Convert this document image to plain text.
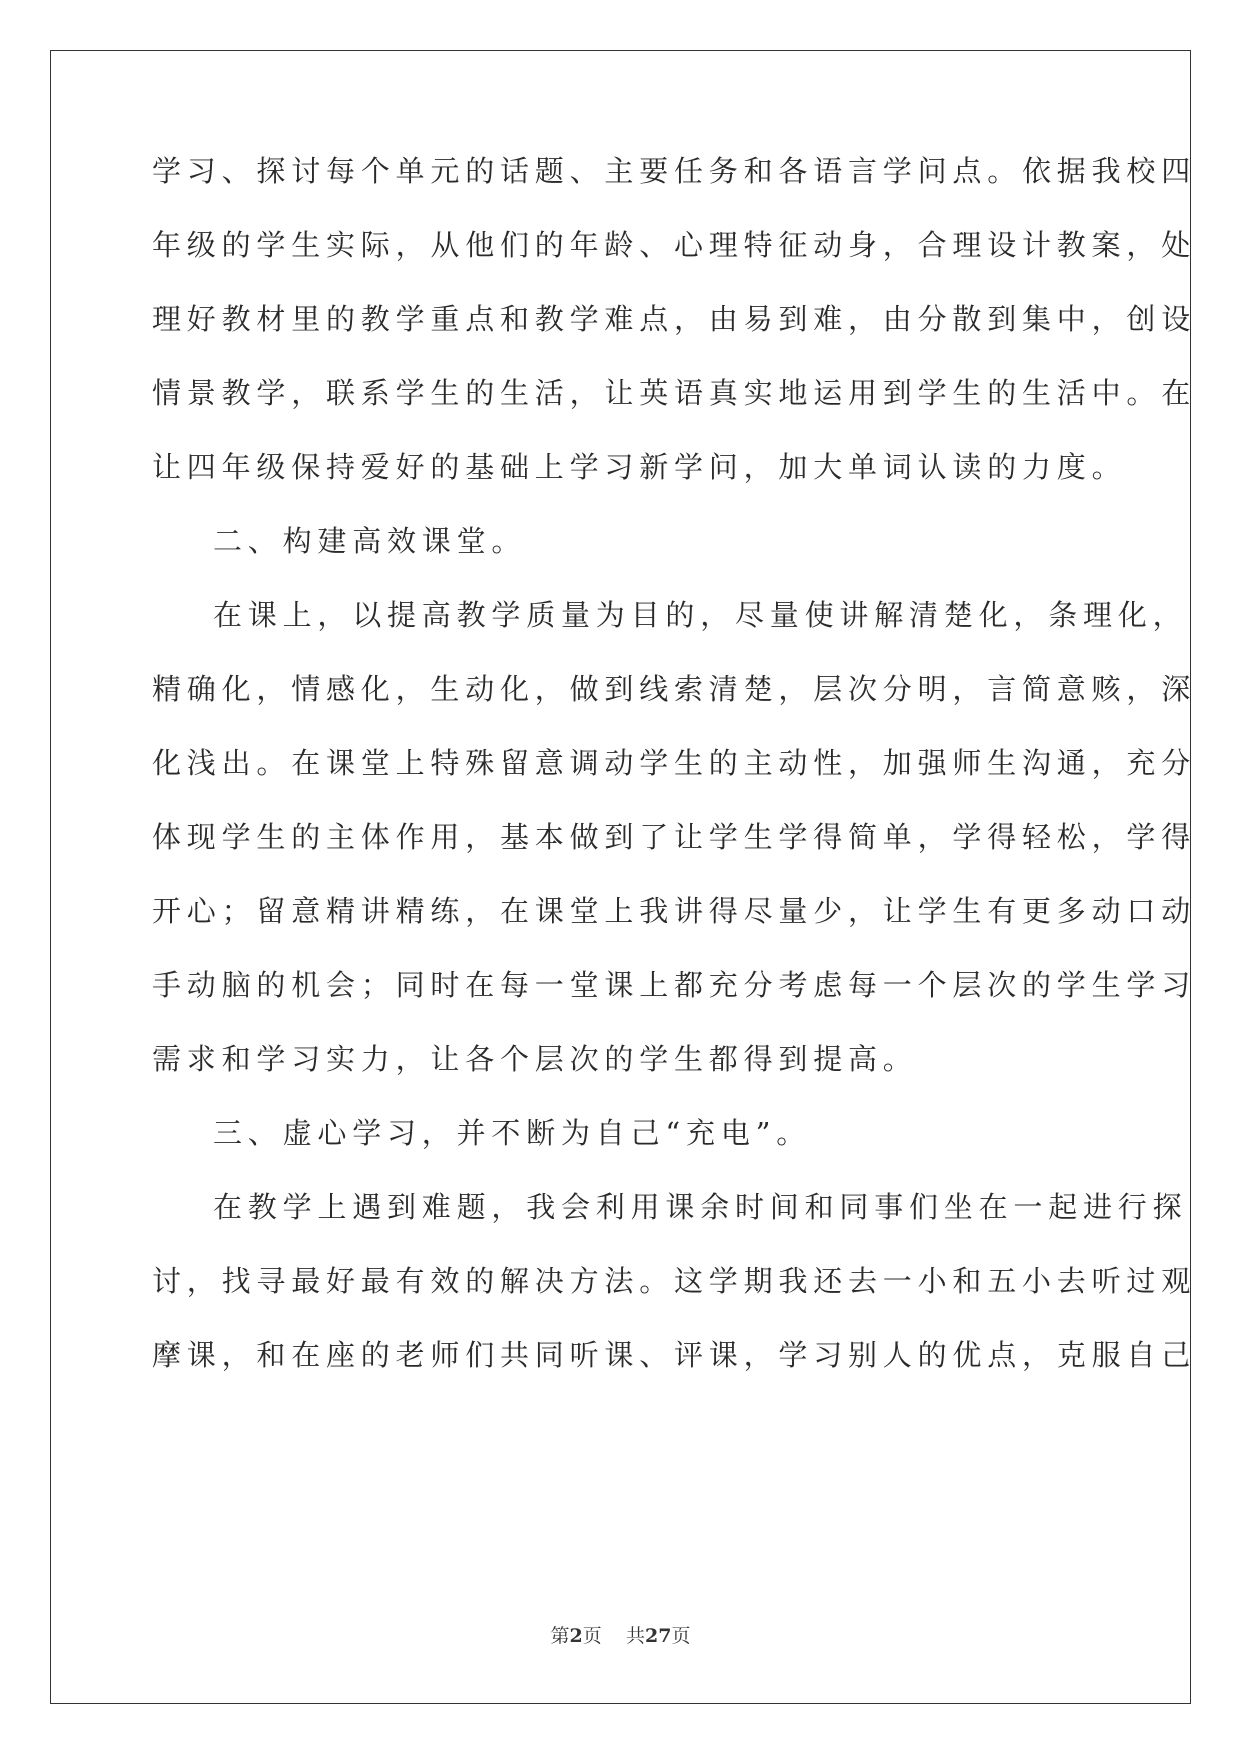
学习、探讨每个单元的话题、主要任务和各语言学问点。依据我校四
年级的学生实际，从他们的年龄、心理特征动身，合理设计教案，处
理好教材里的教学重点和教学难点，由易到难，由分散到集中，创设
情景教学，联系学生的生活，让英语真实地运用到学生的生活中。在
让四年级保持爱好的基础上学习新学问，加大单词认读的力度。
二、构建高效课堂。
在课上，以提高教学质量为目的，尽量使讲解清楚化，条理化，
精确化，情感化，生动化，做到线索清楚，层次分明，言简意赅，深
化浅出。在课堂上特殊留意调动学生的主动性，加强师生沟通，充分
体现学生的主体作用，基本做到了让学生学得简单，学得轻松，学得
开心；留意精讲精练，在课堂上我讲得尽量少，让学生有更多动口动
手动脑的机会；同时在每一堂课上都充分考虑每一个层次的学生学习
需求和学习实力，让各个层次的学生都得到提高。
三、虚心学习，并不断为自己“充电”。
在教学上遇到难题，我会利用课余时间和同事们坐在一起进行探
讨，找寻最好最有效的解决方法。这学期我还去一小和五小去听过观
摩课，和在座的老师们共同听课、评课，学习别人的优点，克服自己
第2页 共27页
